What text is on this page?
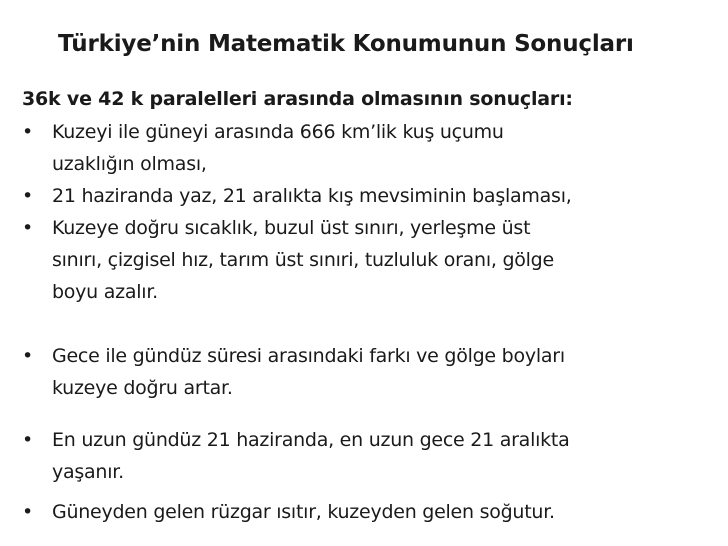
Türkiye’nin Matematik Konumunun Sonuçları

36k ve 42 k paralelleri arasında olmasının sonuçları:

• Kuzeyi ile güneyi arasında 666 km’lik kuş uçumu
uzaklığın olması,

• 21 haziranda yaz, 21 aralıkta kış mevsiminin başlaması,

• Kuzeye doğru sıcaklık, buzul üst sınırı, yerleşme üst
sınırı, çizgisel hız, tarım üst sınıri, tuzluluk oranı, gölge
boyu azalır.

• Gece ile gündüz süresi arasındaki farkı ve gölge boyları
kuzeye doğru artar.

• En uzun gündüz 21 haziranda, en uzun gece 21 aralıkta
yaşanır.

• Güneyden gelen rüzgar ısıtır, kuzeyden gelen soğutur.
